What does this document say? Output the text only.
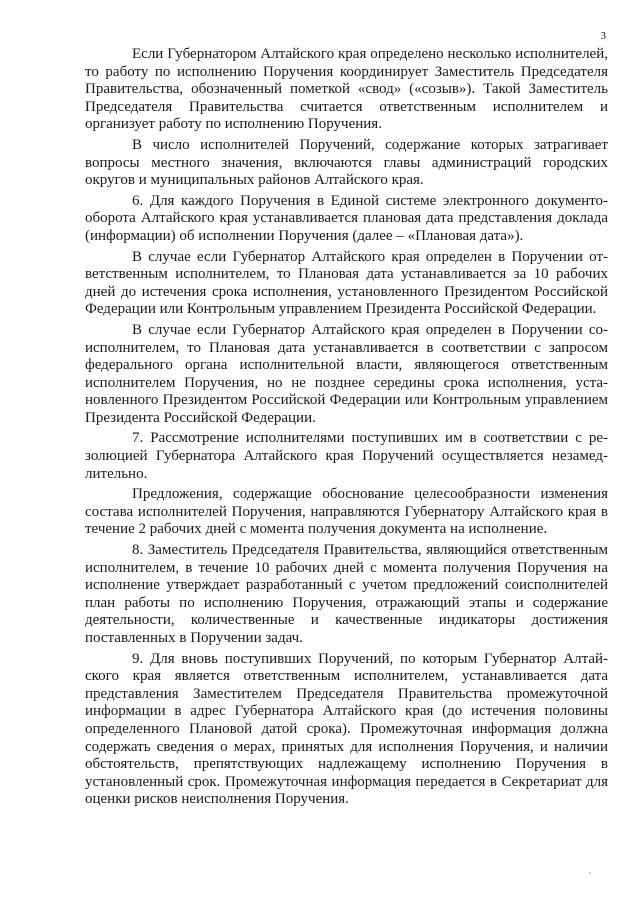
3

Если Губернатором Алтайского края определено несколько исполнителей, то работу по исполнению Поручения координирует Заместитель Председателя Правительства, обозначенный пометкой «свод» («созыв»). Такой Заместитель Председателя Правительства считается ответственным исполнителем и организует работу по исполнению Поручения.

В число исполнителей Поручений, содержание которых затрагивает вопросы местного значения, включаются главы администраций городских округов и муниципальных районов Алтайского края.

6. Для каждого Поручения в Единой системе электронного документооборота Алтайского края устанавливается плановая дата представления доклада (информации) об исполнении Поручения (далее – «Плановая дата»).

В случае если Губернатор Алтайского края определен в Поручении ответственным исполнителем, то Плановая дата устанавливается за 10 рабочих дней до истечения срока исполнения, установленного Президентом Российской Федерации или Контрольным управлением Президента Российской Федерации.

В случае если Губернатор Алтайского края определен в Поручении соисполнителем, то Плановая дата устанавливается в соответствии с запросом федерального органа исполнительной власти, являющегося ответственным исполнителем Поручения, но не позднее середины срока исполнения, установленного Президентом Российской Федерации или Контрольным управлением Президента Российской Федерации.

7. Рассмотрение исполнителями поступивших им в соответствии с резолюцией Губернатора Алтайского края Поручений осуществляется незамедлительно.

Предложения, содержащие обоснование целесообразности изменения состава исполнителей Поручения, направляются Губернатору Алтайского края в течение 2 рабочих дней с момента получения документа на исполнение.

8. Заместитель Председателя Правительства, являющийся ответственным исполнителем, в течение 10 рабочих дней с момента получения Поручения на исполнение утверждает разработанный с учетом предложений соисполнителей план работы по исполнению Поручения, отражающий этапы и содержание деятельности, количественные и качественные индикаторы достижения поставленных в Поручении задач.

9. Для вновь поступивших Поручений, по которым Губернатор Алтайского края является ответственным исполнителем, устанавливается дата представления Заместителем Председателя Правительства промежуточной информации в адрес Губернатора Алтайского края (до истечения половины определенного Плановой датой срока). Промежуточная информация должна содержать сведения о мерах, принятых для исполнения Поручения, и наличии обстоятельств, препятствующих надлежащему исполнению Поручения в установленный срок. Промежуточная информация передается в Секретариат для оценки рисков неисполнения Поручения.
